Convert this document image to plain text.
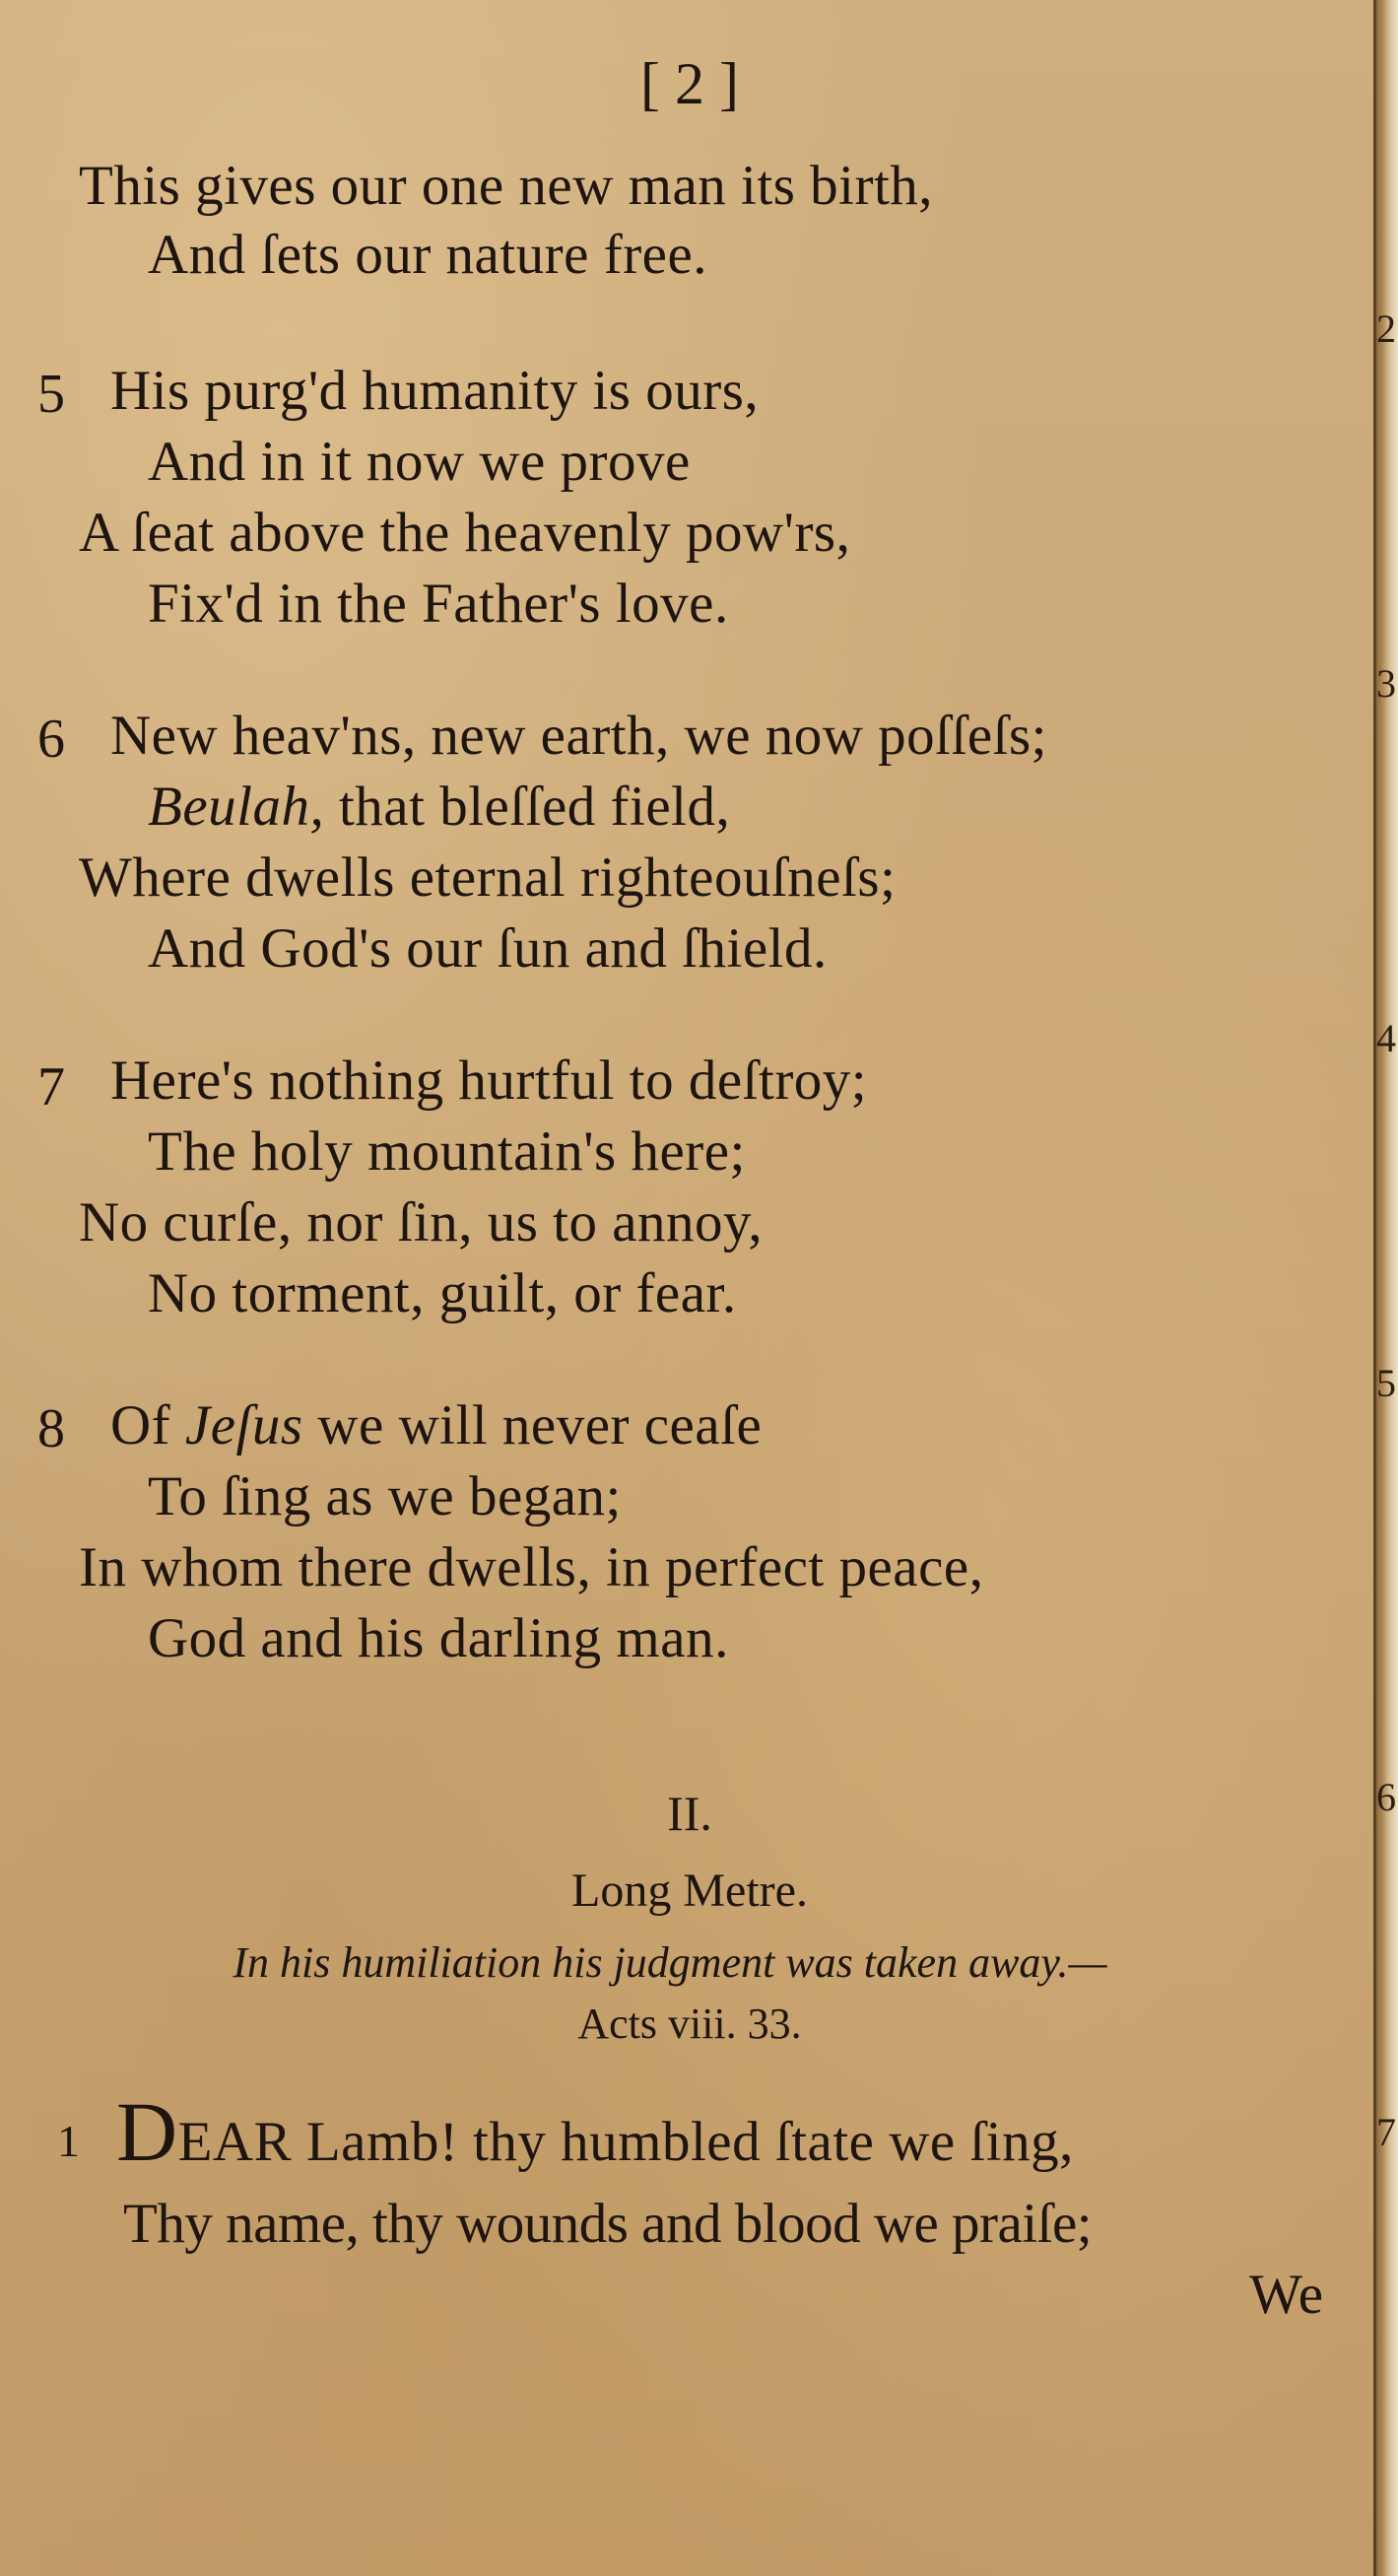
2
3
4
5
6
7
[ 2 ]
This gives our one new man its birth,
And ſets our nature free.
5 His purg'd humanity is ours,
And in it now we prove
A ſeat above the heavenly pow'rs,
Fix'd in the Father's love.
6 New heav'ns, new earth, we now poſſeſs;
Beulah, that bleſſed field,
Where dwells eternal righteouſneſs;
And God's our ſun and ſhield.
7 Here's nothing hurtful to deſtroy;
The holy mountain's here;
No curſe, nor ſin, us to annoy,
No torment, guilt, or fear.
8 Of Jeſus we will never ceaſe
To ſing as we began;
In whom there dwells, in perfect peace,
God and his darling man.
II.
Long Metre.
In his humiliation his judgment was taken away.—
Acts viii. 33.
1 DEAR Lamb! thy humbled ſtate we ſing,
Thy name, thy wounds and blood we praiſe;
We
